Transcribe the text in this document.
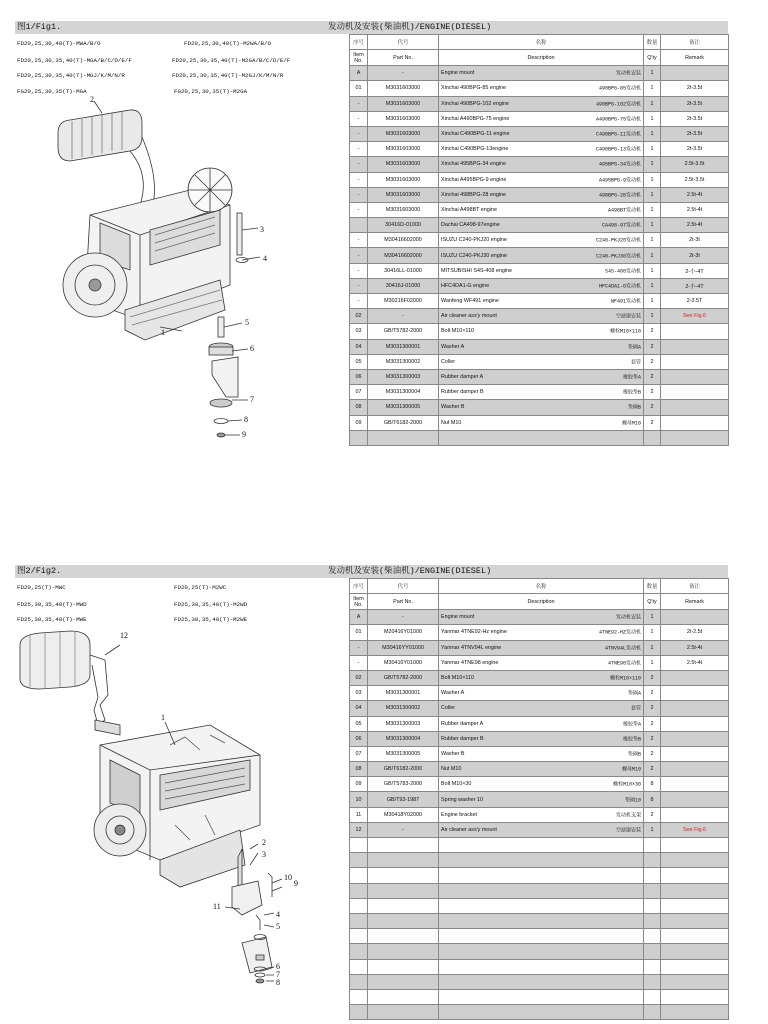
图1/Fig1.	发动机及安装(柴油机)/ENGINE(DIESEL)
FD20,25,30,40(T)-MWA/B/O	FD20,25,30,40(T)-M2WA/B/O
FD20,25,30,35,40(T)-MGA/B/C/D/E/F	FD20,25,30,35,40(T)-M2GA/B/C/D/E/F
FD20,25,30,35,40(T)-MGJ/K/M/N/R	FD20,25,30,35,40(T)-M2GJ/K/M/N/R
FG20,25,30,35(T)-MGA	FG20,25,30,35(T)-M2GA
2
3
4
1
5
6
7
8
9
序号	代号	名称	数量	备注
Item No.	Part No.	Description	Q'ty	Remark
A	-	Engine mount 发动机安装	1	
01	M3031603000	Xinchai 490BPG-85 engine 490BPG-85发动机	1	2t-3.5t
-	M3031603000	Xinchai 490BPG-102 engine 490BPG-102发动机	1	2t-3.5t
-	M3031603000	Xinchai A490BPG-75 engine A490BPG-75发动机	1	2t-3.5t
-	M3031603000	Xinchai C490BPG-11 engine C490BPG-11发动机	1	2t-3.5t
-	M3031603000	Xinchai C490BPG-13engine C490BPG-13发动机	1	2t-3.5t
-	M3031603000	Xinchai 495BPG-34 engine 495BPG-34发动机	1	2.5t-3.5t
-	M3031603000	Xinchai A495BPG-9 engine A495BPG-9发动机	1	2.5t-3.5t
-	M3031603000	Xinchai 498BPG-28 engine 498BPG-28发动机	1	2.5t-4t
-	M3031603000	Xinchai A498BT engine A498BT发动机	1	2.5t-4t
	30416D-01000	Dachai CA498-97engine CA498-97发动机	1	2.5t-4t
-	M30416602000	ISUZU C240-PKJ20 engine C240-PKJ20发动机	1	2t-3t
-	M30416602000	ISUZU C240-PKJ30 engine C240-PKJ30发动机	1	2t-3t
-	30416LL-01000	MITSUBISHI S4S-408 engine S4S-408发动机	1	2-小-4T
-	30416J-01000	HFC4DA1-G engine HFC4DA1-G发动机	1	2-小-4T
-	M30216F02000	Wanfeng WF491 engine WF491发动机	1	2-3.5T
02	-	Air cleaner ass'y mount 空滤器安装	1	See Fig.6
03	GB/T5782-2000	Bolt M10×110 螺栓M10×110	2	
04	M3031300001	Washer A 垫圈A	2	
05	M3031300002	Coller 套管	2	
06	M3031300003	Rubber damper A 橡胶垫A	2	
07	M3031300004	Rubber damper B 橡胶垫B	2	
08	M3031300005	Washer B 垫圈B	2	
09	GB/T6182-2000	Nut M10 螺母M10	2	

图2/Fig2.	发动机及安装(柴油机)/ENGINE(DIESEL)
FD20,25(T)-MWC	FD20,25(T)-M2WC
FD25,30,35,40(T)-MWD	FD25,30,35,40(T)-M2WD
FD25,30,35,40(T)-MWE	FD25,30,35,40(T)-M2WE
12
1
2
3
10
9
11
4
5
6
7
8
序号	代号	名称	数量	备注
Item No.	Part No.	Description	Q'ty	Remark
A	-	Engine mount 发动机安装	1	
01	M20416Y01000	Yanmar 4TNE92-Hz engine 4TNE92-HZ发动机	1	2t-2.5t
-	M30416YY01000	Yanmar 4TNV94L engine 4TNV94L发动机	1	2.5t-4t
-	M30416Y01000	Yanmar 4TNE98 engine 4TNE98发动机	1	2.5t-4t
02	GB/T5782-2000	Bolt M10×110 螺栓M10×110	2	
03	M3031300001	Washer A 垫圈A	2	
04	M3031300002	Coller 套管	2	
05	M3031300003	Rubber damper A 橡胶垫A	2	
06	M3031300004	Rubber damper B 橡胶垫B	2	
07	M3031300005	Washer B 垫圈B	2	
08	GB/T6182-2000	Nut M10 螺母M10	2	
09	GB/T5783-2000	Bolt M10×30 螺栓M10×30	8	
10	GB/T93-1987	Spring washer 10 垫圈10	8	
11	M30418Y02000	Engine bracket 发动机支架	2	
12	-	Air cleaner ass'y mount 空滤器安装	1	See Fig.6
